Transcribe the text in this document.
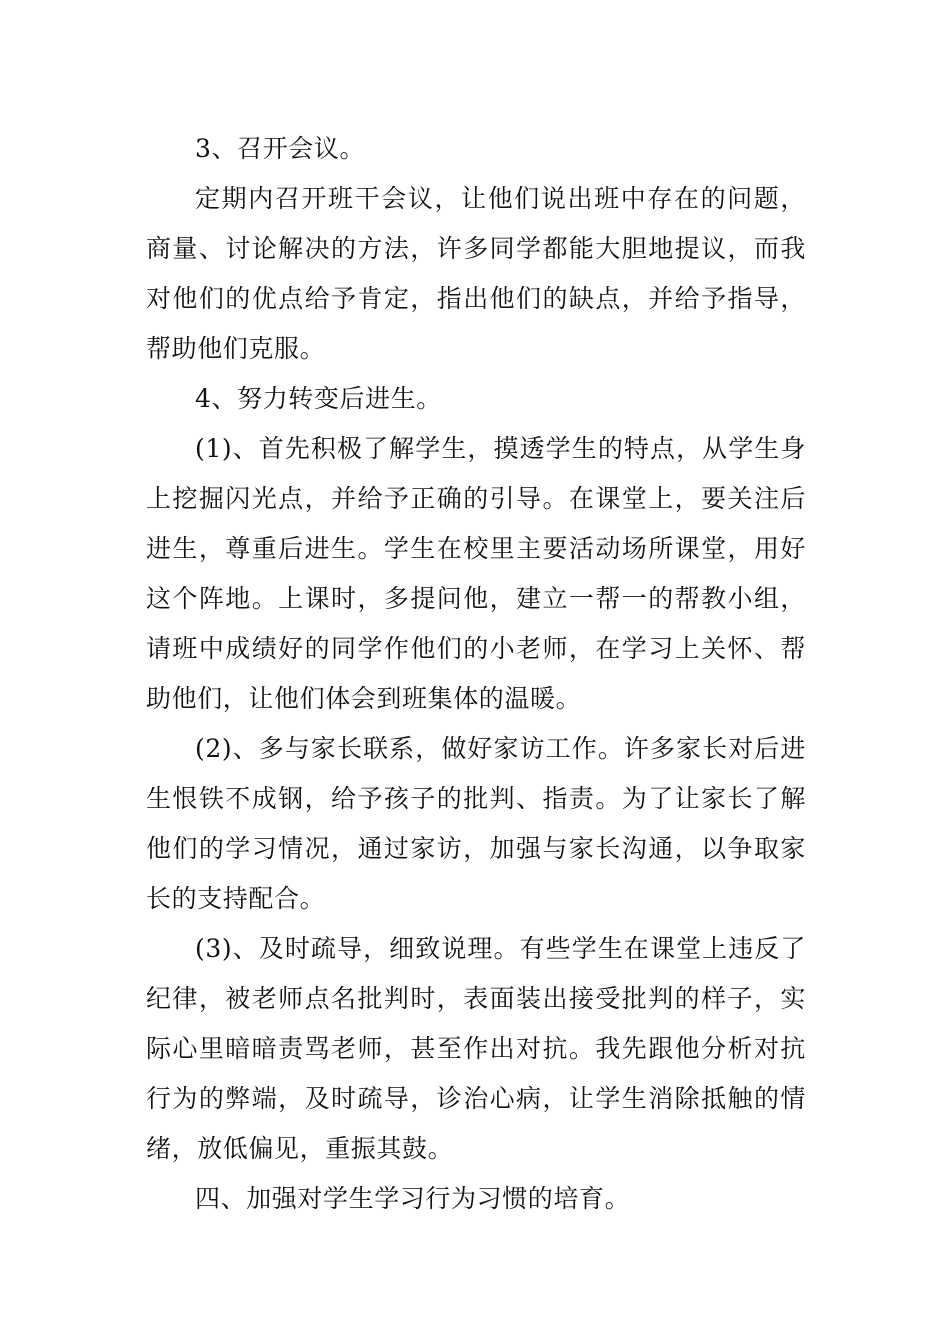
3、召开会议。
定期内召开班干会议，让他们说出班中存在的问题，
商量、讨论解决的方法，许多同学都能大胆地提议，而我
对他们的优点给予肯定，指出他们的缺点，并给予指导，
帮助他们克服。
4、努力转变后进生。
(1)、首先积极了解学生，摸透学生的特点，从学生身
上挖掘闪光点，并给予正确的引导。在课堂上，要关注后
进生，尊重后进生。学生在校里主要活动场所课堂，用好
这个阵地。上课时，多提问他，建立一帮一的帮教小组，
请班中成绩好的同学作他们的小老师，在学习上关怀、帮
助他们，让他们体会到班集体的温暖。
(2)、多与家长联系，做好家访工作。许多家长对后进
生恨铁不成钢，给予孩子的批判、指责。为了让家长了解
他们的学习情况，通过家访，加强与家长沟通，以争取家
长的支持配合。
(3)、及时疏导，细致说理。有些学生在课堂上违反了
纪律，被老师点名批判时，表面装出接受批判的样子，实
际心里暗暗责骂老师，甚至作出对抗。我先跟他分析对抗
行为的弊端，及时疏导，诊治心病，让学生消除抵触的情
绪，放低偏见，重振其鼓。
四、加强对学生学习行为习惯的培育。
